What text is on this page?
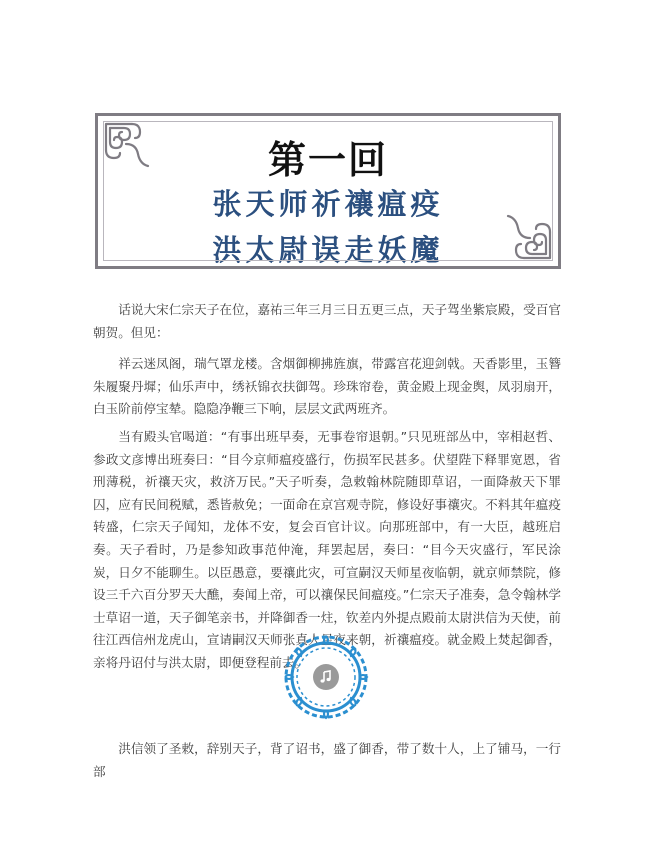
第一回
张天师祈禳瘟疫
洪太尉误走妖魔

话说大宋仁宗天子在位，嘉祐三年三月三日五更三点，天子驾坐紫宸殿，受百官朝贺。但见：

祥云迷凤阁，瑞气罩龙楼。含烟御柳拂旌旗，带露宫花迎剑戟。天香影里，玉簪朱履聚丹墀；仙乐声中，绣袄锦衣扶御驾。珍珠帘卷，黄金殿上现金舆，凤羽扇开，白玉阶前停宝辇。隐隐净鞭三下响，层层文武两班齐。

当有殿头官喝道：“有事出班早奏，无事卷帘退朝。”只见班部丛中，宰相赵哲、参政文彦博出班奏曰：“目今京师瘟疫盛行，伤损军民甚多。伏望陛下释罪宽恩，省刑薄税，祈禳天灾，救济万民。”天子听奏，急敕翰林院随即草诏，一面降赦天下罪囚，应有民间税赋，悉皆赦免；一面命在京宫观寺院，修设好事禳灾。不料其年瘟疫转盛，仁宗天子闻知，龙体不安，复会百官计议。向那班部中，有一大臣，越班启奏。天子看时，乃是参知政事范仲淹，拜罢起居，奏曰：“目今天灾盛行，军民涂炭，日夕不能聊生。以臣愚意，要禳此灾，可宣嗣汉天师星夜临朝，就京师禁院，修设三千六百分罗天大醮，奏闻上帝，可以禳保民间瘟疫。”仁宗天子准奏，急令翰林学士草诏一道，天子御笔亲书，并降御香一炷，钦差内外提点殿前太尉洪信为天使，前往江西信州龙虎山，宣请嗣汉天师张真人星夜来朝，祈禳瘟疫。就金殿上焚起御香，亲将丹诏付与洪太尉，即便登程前去。

洪信领了圣敕，辞别天子，背了诏书，盛了御香，带了数十人，上了铺马，一行部
